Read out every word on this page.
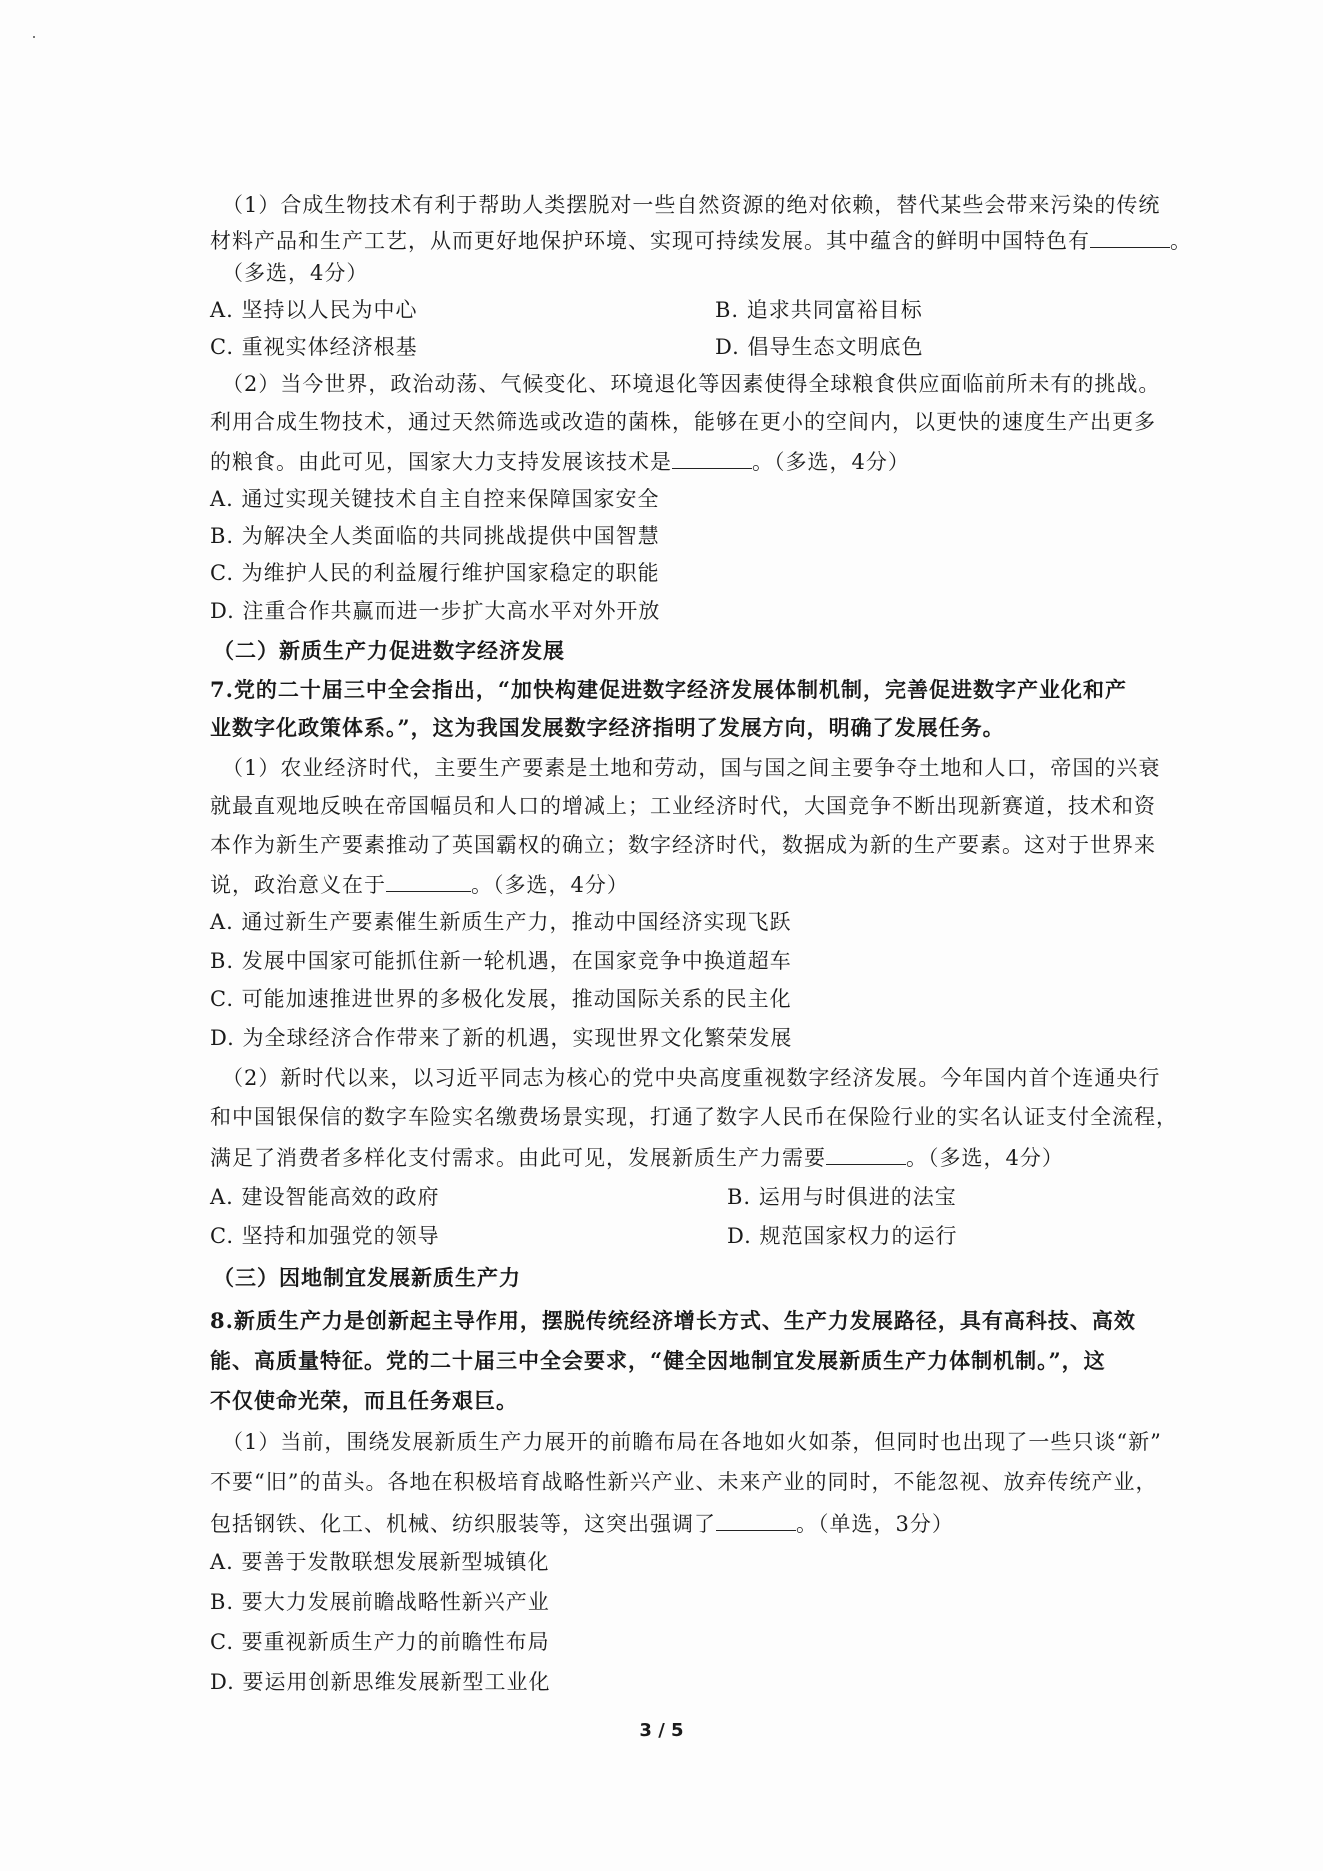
（1）合成生物技术有利于帮助人类摆脱对一些自然资源的绝对依赖，替代某些会带来污染的传统
材料产品和生产工艺，从而更好地保护环境、实现可持续发展。其中蕴含的鲜明中国特色有	。
（多选，4分）
A. 坚持以人民为中心	B. 追求共同富裕目标
C. 重视实体经济根基	D. 倡导生态文明底色
（2）当今世界，政治动荡、气候变化、环境退化等因素使得全球粮食供应面临前所未有的挑战。
利用合成生物技术，通过天然筛选或改造的菌株，能够在更小的空间内，以更快的速度生产出更多
的粮食。由此可见，国家大力支持发展该技术是	。（多选，4分）
A. 通过实现关键技术自主自控来保障国家安全
B. 为解决全人类面临的共同挑战提供中国智慧
C. 为维护人民的利益履行维护国家稳定的职能
D. 注重合作共赢而进一步扩大高水平对外开放
（二）新质生产力促进数字经济发展
7.党的二十届三中全会指出，“加快构建促进数字经济发展体制机制，完善促进数字产业化和产
业数字化政策体系。”，这为我国发展数字经济指明了发展方向，明确了发展任务。
（1）农业经济时代，主要生产要素是土地和劳动，国与国之间主要争夺土地和人口，帝国的兴衰
就最直观地反映在帝国幅员和人口的增减上；工业经济时代，大国竞争不断出现新赛道，技术和资
本作为新生产要素推动了英国霸权的确立；数字经济时代，数据成为新的生产要素。这对于世界来
说，政治意义在于	。（多选，4分）
A. 通过新生产要素催生新质生产力，推动中国经济实现飞跃
B. 发展中国家可能抓住新一轮机遇，在国家竞争中换道超车
C. 可能加速推进世界的多极化发展，推动国际关系的民主化
D. 为全球经济合作带来了新的机遇，实现世界文化繁荣发展
（2）新时代以来，以习近平同志为核心的党中央高度重视数字经济发展。今年国内首个连通央行
和中国银保信的数字车险实名缴费场景实现，打通了数字人民币在保险行业的实名认证支付全流程，
满足了消费者多样化支付需求。由此可见，发展新质生产力需要	。（多选，4分）
A. 建设智能高效的政府	B. 运用与时俱进的法宝
C. 坚持和加强党的领导	D. 规范国家权力的运行
（三）因地制宜发展新质生产力
8.新质生产力是创新起主导作用，摆脱传统经济增长方式、生产力发展路径，具有高科技、高效
能、高质量特征。党的二十届三中全会要求，“健全因地制宜发展新质生产力体制机制。”，这
不仅使命光荣，而且任务艰巨。
（1）当前，围绕发展新质生产力展开的前瞻布局在各地如火如荼，但同时也出现了一些只谈“新”
不要“旧”的苗头。各地在积极培育战略性新兴产业、未来产业的同时，不能忽视、放弃传统产业，
包括钢铁、化工、机械、纺织服装等，这突出强调了	。（单选，3分）
A. 要善于发散联想发展新型城镇化
B. 要大力发展前瞻战略性新兴产业
C. 要重视新质生产力的前瞻性布局
D. 要运用创新思维发展新型工业化
3 / 5
